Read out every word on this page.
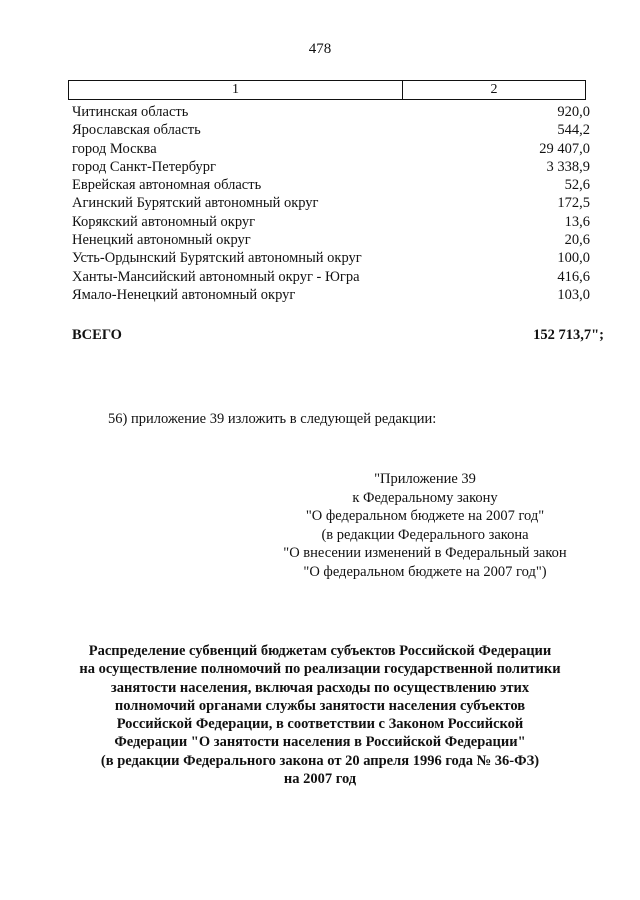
478
1	2
Читинская область	920,0
Ярославская область	544,2
город Москва	29 407,0
город Санкт-Петербург	3 338,9
Еврейская автономная область	52,6
Агинский Бурятский автономный округ	172,5
Корякский автономный округ	13,6
Ненецкий автономный округ	20,6
Усть-Ордынский Бурятский автономный округ	100,0
Ханты-Мансийский автономный округ - Югра	416,6
Ямало-Ненецкий автономный округ	103,0
ВСЕГО	152 713,7";
56) приложение 39 изложить в следующей редакции:
"Приложение 39
к Федеральному закону
"О федеральном бюджете на 2007 год"
(в редакции Федерального закона
"О внесении изменений в Федеральный закон
"О федеральном бюджете на 2007 год")
Распределение субвенций бюджетам субъектов Российской Федерации
на осуществление полномочий по реализации государственной политики
занятости населения, включая расходы по осуществлению этих
полномочий органами службы занятости населения субъектов
Российской Федерации, в соответствии с Законом Российской
Федерации "О занятости населения в Российской Федерации"
(в редакции Федерального закона от 20 апреля 1996 года № 36-ФЗ)
на 2007 год
